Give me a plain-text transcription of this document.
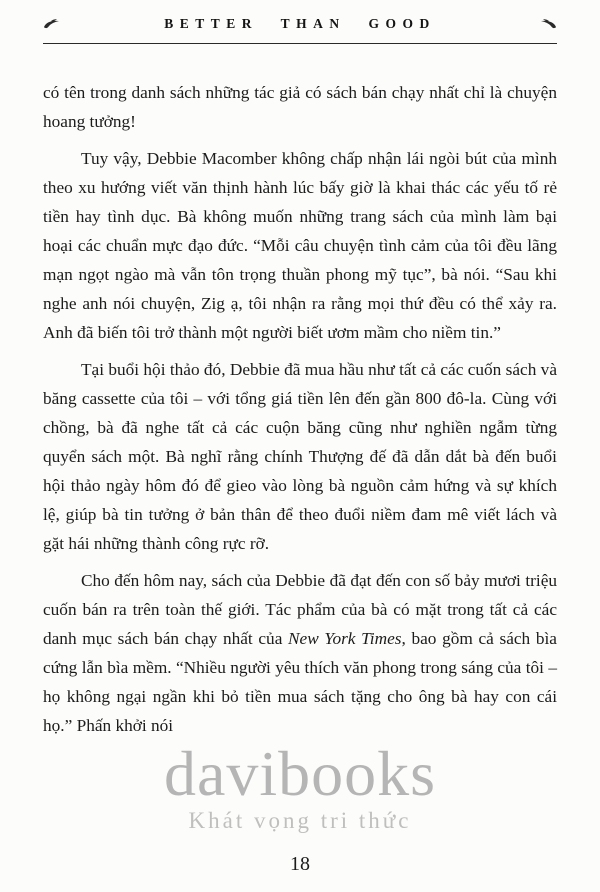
BETTER THAN GOOD

có tên trong danh sách những tác giả có sách bán chạy nhất chỉ là chuyện hoang tưởng!

Tuy vậy, Debbie Macomber không chấp nhận lái ngòi bút của mình theo xu hướng viết văn thịnh hành lúc bấy giờ là khai thác các yếu tố rẻ tiền hay tình dục. Bà không muốn những trang sách của mình làm bại hoại các chuẩn mực đạo đức. “Mỗi câu chuyện tình cảm của tôi đều lãng mạn ngọt ngào mà vẫn tôn trọng thuần phong mỹ tục”, bà nói. “Sau khi nghe anh nói chuyện, Zig ạ, tôi nhận ra rằng mọi thứ đều có thể xảy ra. Anh đã biến tôi trở thành một người biết ươm mầm cho niềm tin.”

Tại buổi hội thảo đó, Debbie đã mua hầu như tất cả các cuốn sách và băng cassette của tôi – với tổng giá tiền lên đến gần 800 đô-la. Cùng với chồng, bà đã nghe tất cả các cuộn băng cũng như nghiền ngẫm từng quyển sách một. Bà nghĩ rằng chính Thượng đế đã dẫn dắt bà đến buổi hội thảo ngày hôm đó để gieo vào lòng bà nguồn cảm hứng và sự khích lệ, giúp bà tin tưởng ở bản thân để theo đuổi niềm đam mê viết lách và gặt hái những thành công rực rỡ.

Cho đến hôm nay, sách của Debbie đã đạt đến con số bảy mươi triệu cuốn bán ra trên toàn thế giới. Tác phẩm của bà có mặt trong tất cả các danh mục sách bán chạy nhất của New York Times, bao gồm cả sách bìa cứng lẫn bìa mềm. “Nhiều người yêu thích văn phong trong sáng của tôi – họ không ngại ngần khi bỏ tiền mua sách tặng cho ông bà hay con cái họ.” Phấn khởi nói

davibooks
Khát vọng tri thức
18
